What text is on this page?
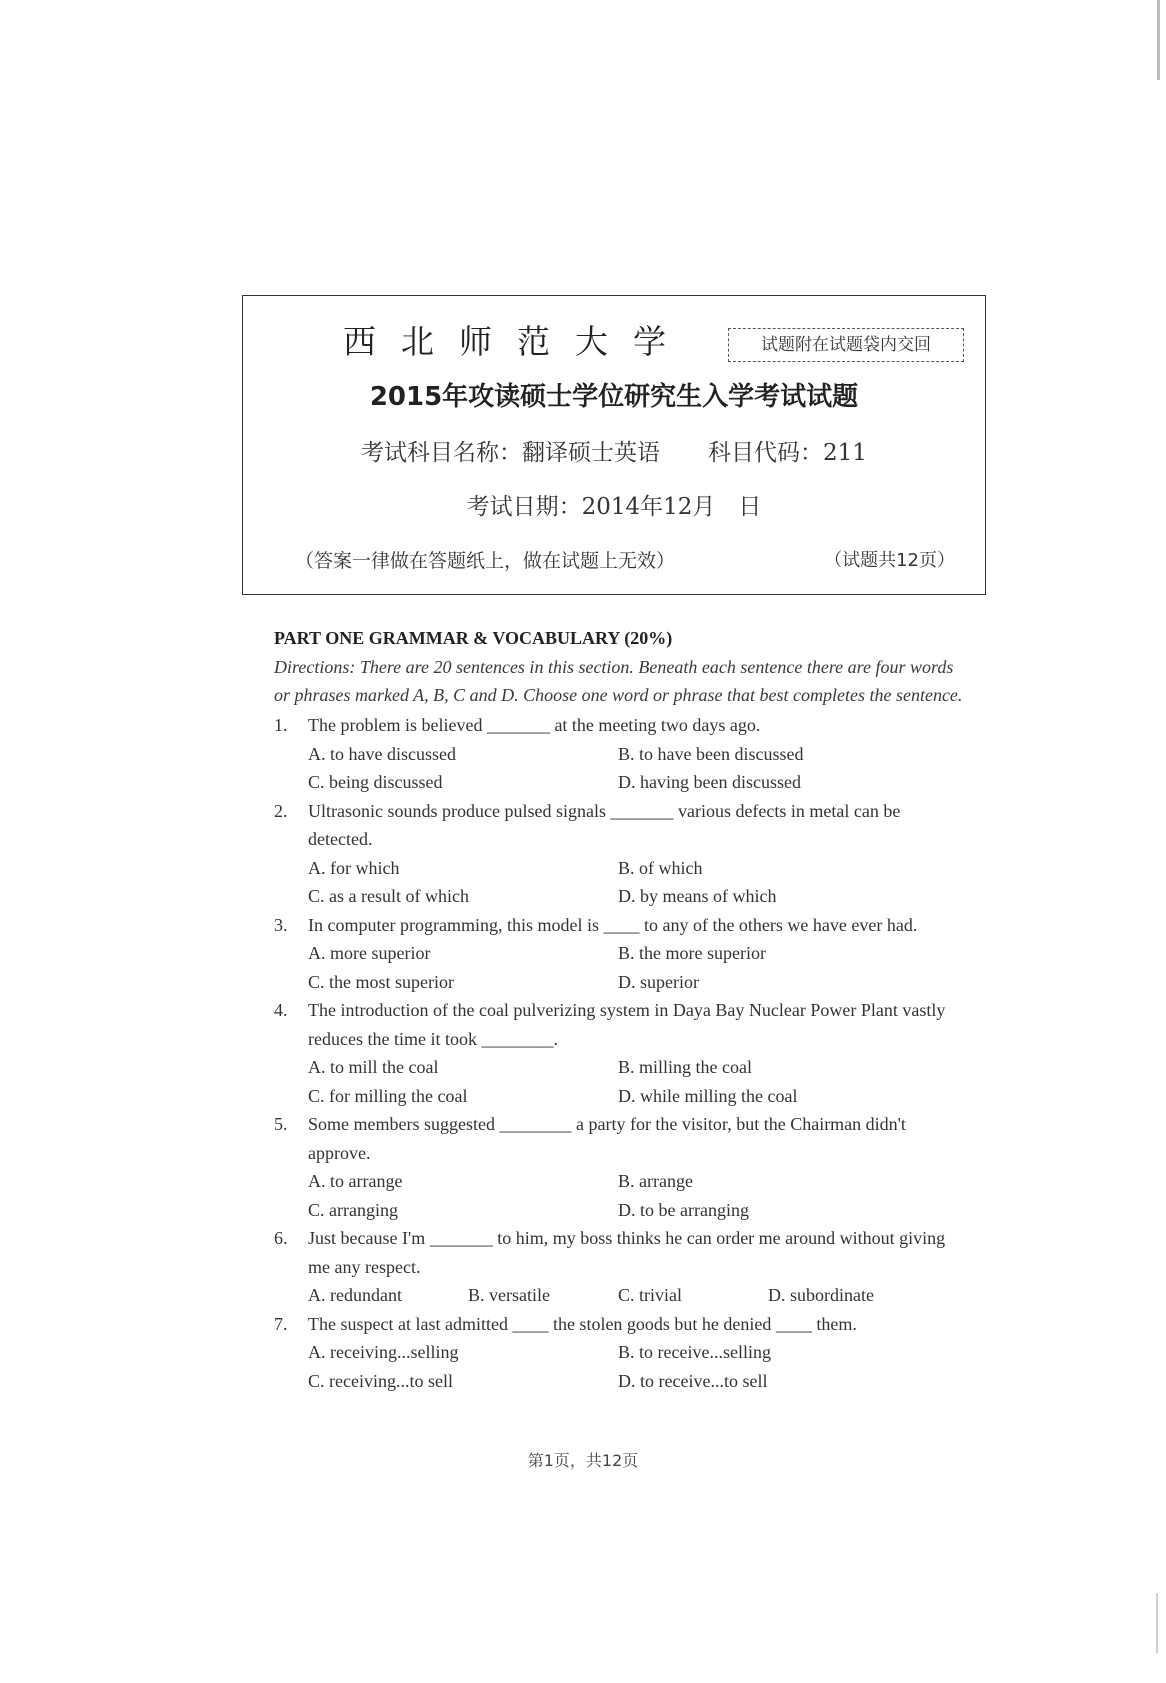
西北师范大学	试题附在试题袋内交回
2015年攻读硕士学位研究生入学考试试题
考试科目名称：翻译硕士英语 科目代码：211
考试日期：2014年12月　日
（答案一律做在答题纸上，做在试题上无效）	（试题共12页）
PART ONE GRAMMAR & VOCABULARY (20%)
Directions: There are 20 sentences in this section. Beneath each sentence there are four words or phrases marked A, B, C and D. Choose one word or phrase that best completes the sentence.
1. The problem is believed _______ at the meeting two days ago.
A. to have discussed	B. to have been discussed
C. being discussed	D. having been discussed
2. Ultrasonic sounds produce pulsed signals _______ various defects in metal can be detected.
A. for which	B. of which
C. as a result of which	D. by means of which
3. In computer programming, this model is ____ to any of the others we have ever had.
A. more superior	B. the more superior
C. the most superior	D. superior
4. The introduction of the coal pulverizing system in Daya Bay Nuclear Power Plant vastly reduces the time it took ________.
A. to mill the coal	B. milling the coal
C. for milling the coal	D. while milling the coal
5. Some members suggested ________ a party for the visitor, but the Chairman didn't approve.
A. to arrange	B. arrange
C. arranging	D. to be arranging
6. Just because I'm _______ to him, my boss thinks he can order me around without giving me any respect.
A. redundant	B. versatile	C. trivial	D. subordinate
7. The suspect at last admitted ____ the stolen goods but he denied ____ them.
A. receiving...selling	B. to receive...selling
C. receiving...to sell	D. to receive...to sell
第1页，共12页
